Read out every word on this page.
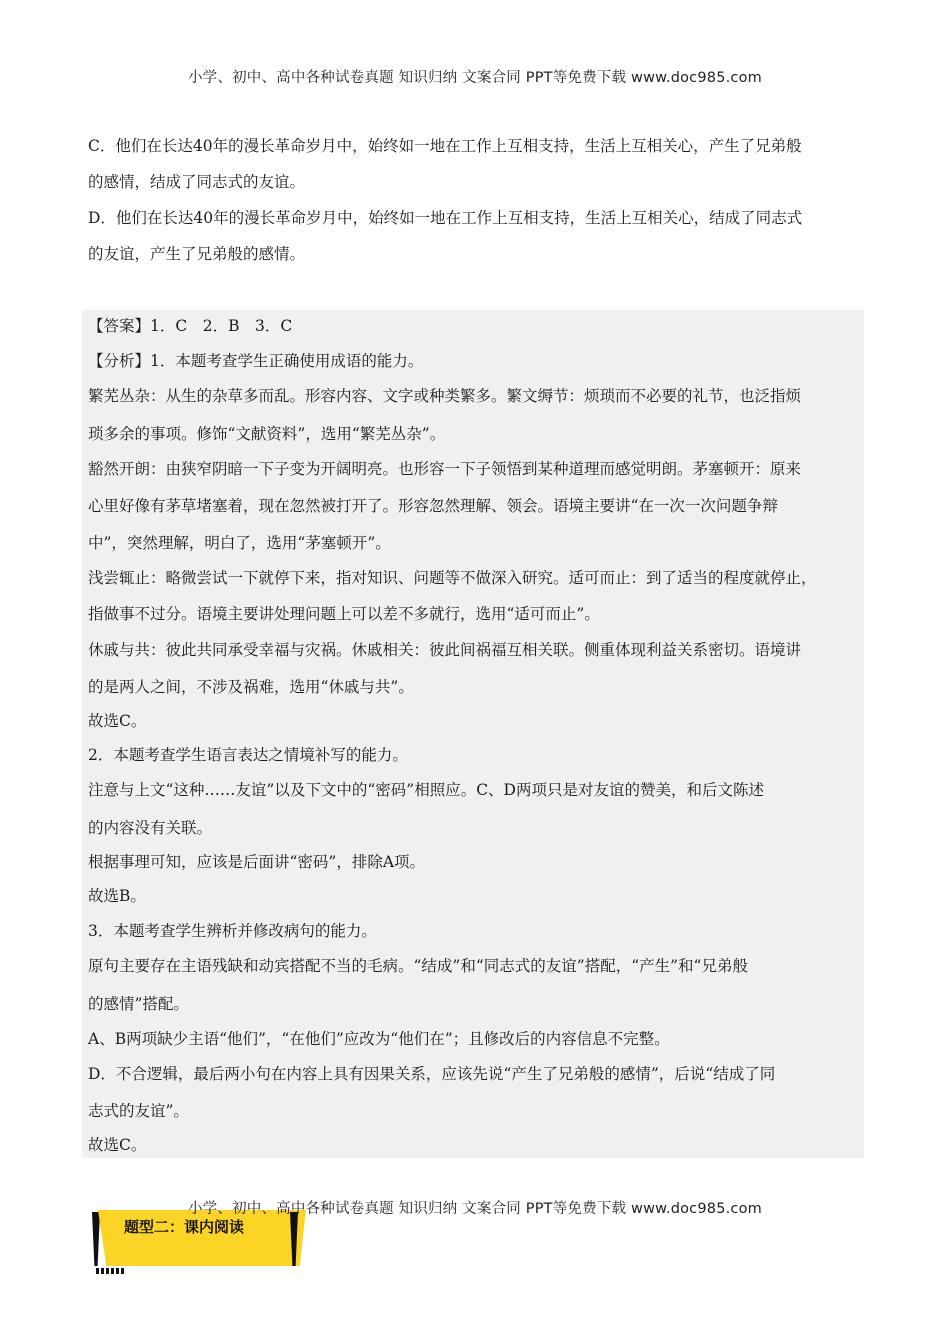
小学、初中、高中各种试卷真题 知识归纳 文案合同 PPT等免费下载 www.doc985.com
C．他们在长达40年的漫长革命岁月中，始终如一地在工作上互相支持，生活上互相关心，产生了兄弟般
的感情，结成了同志式的友谊。
D．他们在长达40年的漫长革命岁月中，始终如一地在工作上互相支持，生活上互相关心，结成了同志式
的友谊，产生了兄弟般的感情。
【答案】1．C　2．B　3．C
【分析】1．本题考查学生正确使用成语的能力。
繁芜丛杂：从生的杂草多而乱。形容内容、文字或种类繁多。繁文缛节：烦琐而不必要的礼节，也泛指烦
琐多余的事项。修饰“文献资料”，选用“繁芜丛杂”。
豁然开朗：由狭窄阴暗一下子变为开阔明亮。也形容一下子领悟到某种道理而感觉明朗。茅塞顿开：原来
心里好像有茅草堵塞着，现在忽然被打开了。形容忽然理解、领会。语境主要讲“在一次一次问题争辩
中”，突然理解，明白了，选用“茅塞顿开”。
浅尝辄止：略微尝试一下就停下来，指对知识、问题等不做深入研究。适可而止：到了适当的程度就停止，
指做事不过分。语境主要讲处理问题上可以差不多就行，选用“适可而止”。
休戚与共：彼此共同承受幸福与灾祸。休戚相关：彼此间祸福互相关联。侧重体现利益关系密切。语境讲
的是两人之间，不涉及祸难，选用“休戚与共”。
故选C。
2．本题考查学生语言表达之情境补写的能力。
注意与上文“这种……友谊”以及下文中的“密码”相照应。C、D两项只是对友谊的赞美，和后文陈述
的内容没有关联。
根据事理可知，应该是后面讲“密码”，排除A项。
故选B。
3．本题考查学生辨析并修改病句的能力。
原句主要存在主语残缺和动宾搭配不当的毛病。“结成”和“同志式的友谊”搭配，“产生”和“兄弟般
的感情”搭配。
A、B两项缺少主语“他们”，“在他们”应改为“他们在”；且修改后的内容信息不完整。
D．不合逻辑，最后两小句在内容上具有因果关系，应该先说“产生了兄弟般的感情”，后说“结成了同
志式的友谊”。
故选C。
题型二：课内阅读
小学、初中、高中各种试卷真题 知识归纳 文案合同 PPT等免费下载 www.doc985.com
